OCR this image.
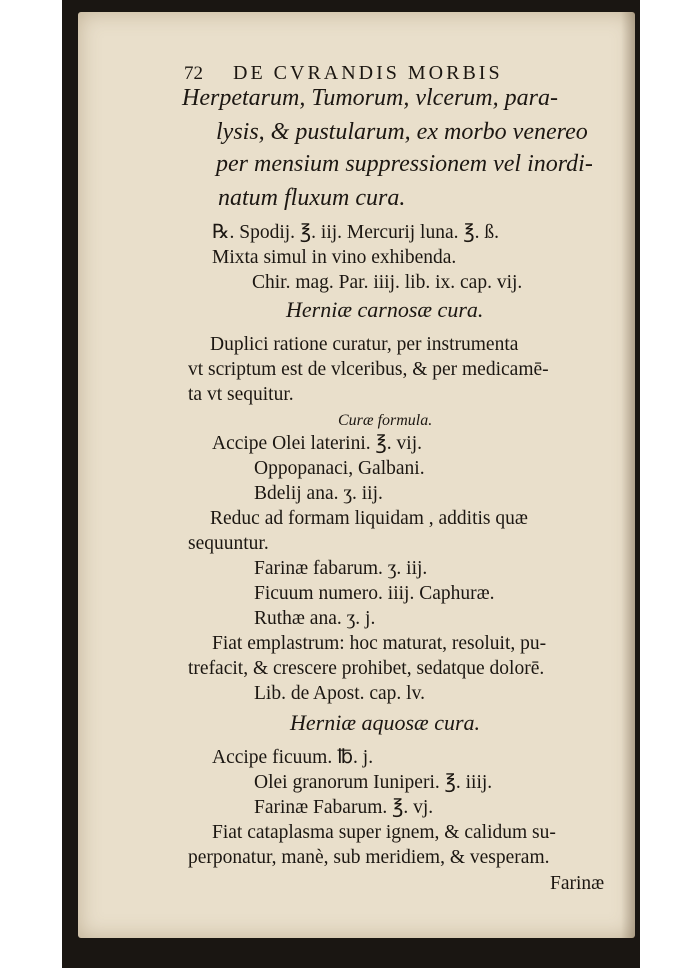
72 DE CVRANDIS MORBIS
Herpetarum, Tumorum, vlcerum, para-
lysis, & pustularum, ex morbo venereo
per mensium suppressionem vel inordi-
natum fluxum cura.
℞. Spodij. ℥. iij. Mercurij luna. ℥. ß.
Mixta simul in vino exhibenda.
Chir. mag. Par. iiij. lib. ix. cap. vij.
Herniæ carnosæ cura.
Duplici ratione curatur, per instrumenta
vt scriptum est de vlceribus, & per medicamē-
ta vt sequitur.
Curæ formula.
Accipe Olei laterini. ℥. vij.
Oppopanaci, Galbani.
Bdelij ana. ʒ. iij.
Reduc ad formam liquidam , additis quæ
sequuntur.
Farinæ fabarum. ʒ. iij.
Ficuum numero. iiij. Caphuræ.
Ruthæ ana. ʒ. j.
Fiat emplastrum: hoc maturat, resoluit, pu-
trefacit, & crescere prohibet, sedatque dolorē.
Lib. de Apost. cap. lv.
Herniæ aquosæ cura.
Accipe ficuum. ℔. j.
Olei granorum Iuniperi. ℥. iiij.
Farinæ Fabarum. ℥. vj.
Fiat cataplasma super ignem, & calidum su-
perponatur, manè, sub meridiem, & vesperam.
Farinæ
